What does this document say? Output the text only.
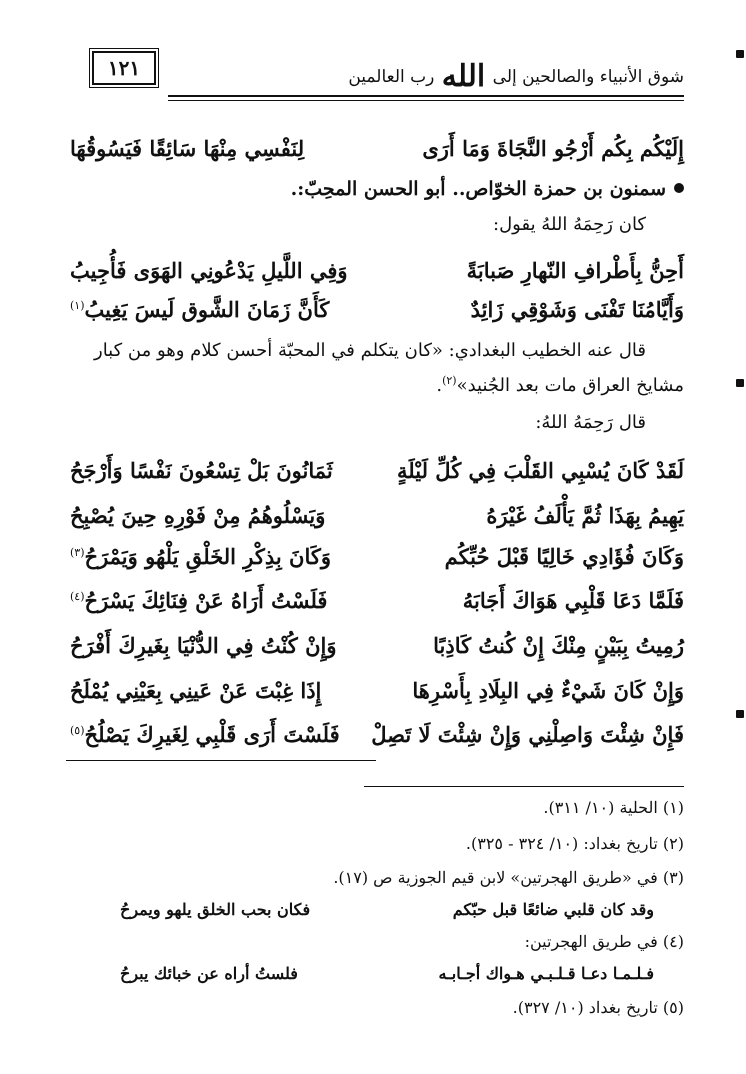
١٢١	شوق الأنبياء والصالحين إلى الله رب العالمين
إِلَيْكُم بِكُم أَرْجُو النَّجَاةَ وَمَا أَرَى
لِنَفْسِي مِنْهَا سَائِقًا فَيَسُوقُهَا
سمنون بن حمزة الخوّاص.. أبو الحسن المحِبّ:.
كان رَحِمَهُ اللهُ يقول:
أَحِنُّ بِأَطْرافِ النّهارِ صَبابَةً
وَفِي اللَّيلِ يَدْعُونِي الهَوَى فَأُجِيبُ
وَأَيَّامُنَا تَفْنَى وَشَوْقِي زَائِدٌ
كَأَنَّ زَمَانَ الشَّوق لَيسَ يَغِيبُ$^{(١)}$
قال عنه الخطيب البغدادي: «كان يتكلم في المحبّة أحسن كلام وهو من كبار
مشايخ العراق مات بعد الجُنيد»$^{(٢)}$.
قال رَحِمَهُ اللهُ:
لَقَدْ كَانَ يُسْبِي القَلْبَ فِي كُلِّ لَيْلَةٍ
ثَمَانُونَ بَلْ تِسْعُونَ نَفْسًا وَأَرْجَحُ
يَهِيمُ بِهَذَا ثُمَّ يَأْلَفُ غَيْرَهُ
وَيَسْلُوهُمُ مِنْ فَوْرِهِ حِينَ يُصْبِحُ
وَكَانَ فُؤَادِي خَالِيًا قَبْلَ حُبِّكُم
وَكَانَ بِذِكْرِ الخَلْقِ يَلْهُو وَيَمْرَحُ$^{(٣)}$
فَلَمَّا دَعَا قَلْبِي هَوَاكَ أَجَابَهُ
فَلَسْتُ أَرَاهُ عَنْ فِنَائِكَ يَسْرَحُ$^{(٤)}$
رُمِيتُ بِبَيْنٍ مِنْكَ إِنْ كُنتُ كَاذِبًا
وَإِنْ كُنْتُ فِي الدُّنْيَا بِغَيرِكَ أَفْرَحُ
وَإِنْ كَانَ شَيْءٌ فِي البِلَادِ بِأَسْرِهَا
إِذَا غِبْتَ عَنْ عَينِي بِعَيْنِي يُمْلَحُ
فَإِنْ شِئْتَ وَاصِلْنِي وَإِنْ شِئْتَ لَا تَصِلْ
فَلَسْتَ أَرَى قَلْبِي لِغَيرِكَ يَصْلُحُ$^{(٥)}$
(١) الحلية (١٠/ ٣١١).
(٢) تاريخ بغداد: (١٠/ ٣٢٤ - ٣٢٥).
(٣) في «طريق الهجرتين» لابن قيم الجوزية ص (١٧).
وقد كان قلبي ضائعًا قبل حبّكم
فكان بحب الخلق يلهو ويمرحُ
(٤) في طريق الهجرتين:
فـلـمـا دعـا قـلـبـي هـواك أجـابـه
فلستُ أراه عن خبائك يبرحُ
(٥) تاريخ بغداد (١٠/ ٣٢٧).
